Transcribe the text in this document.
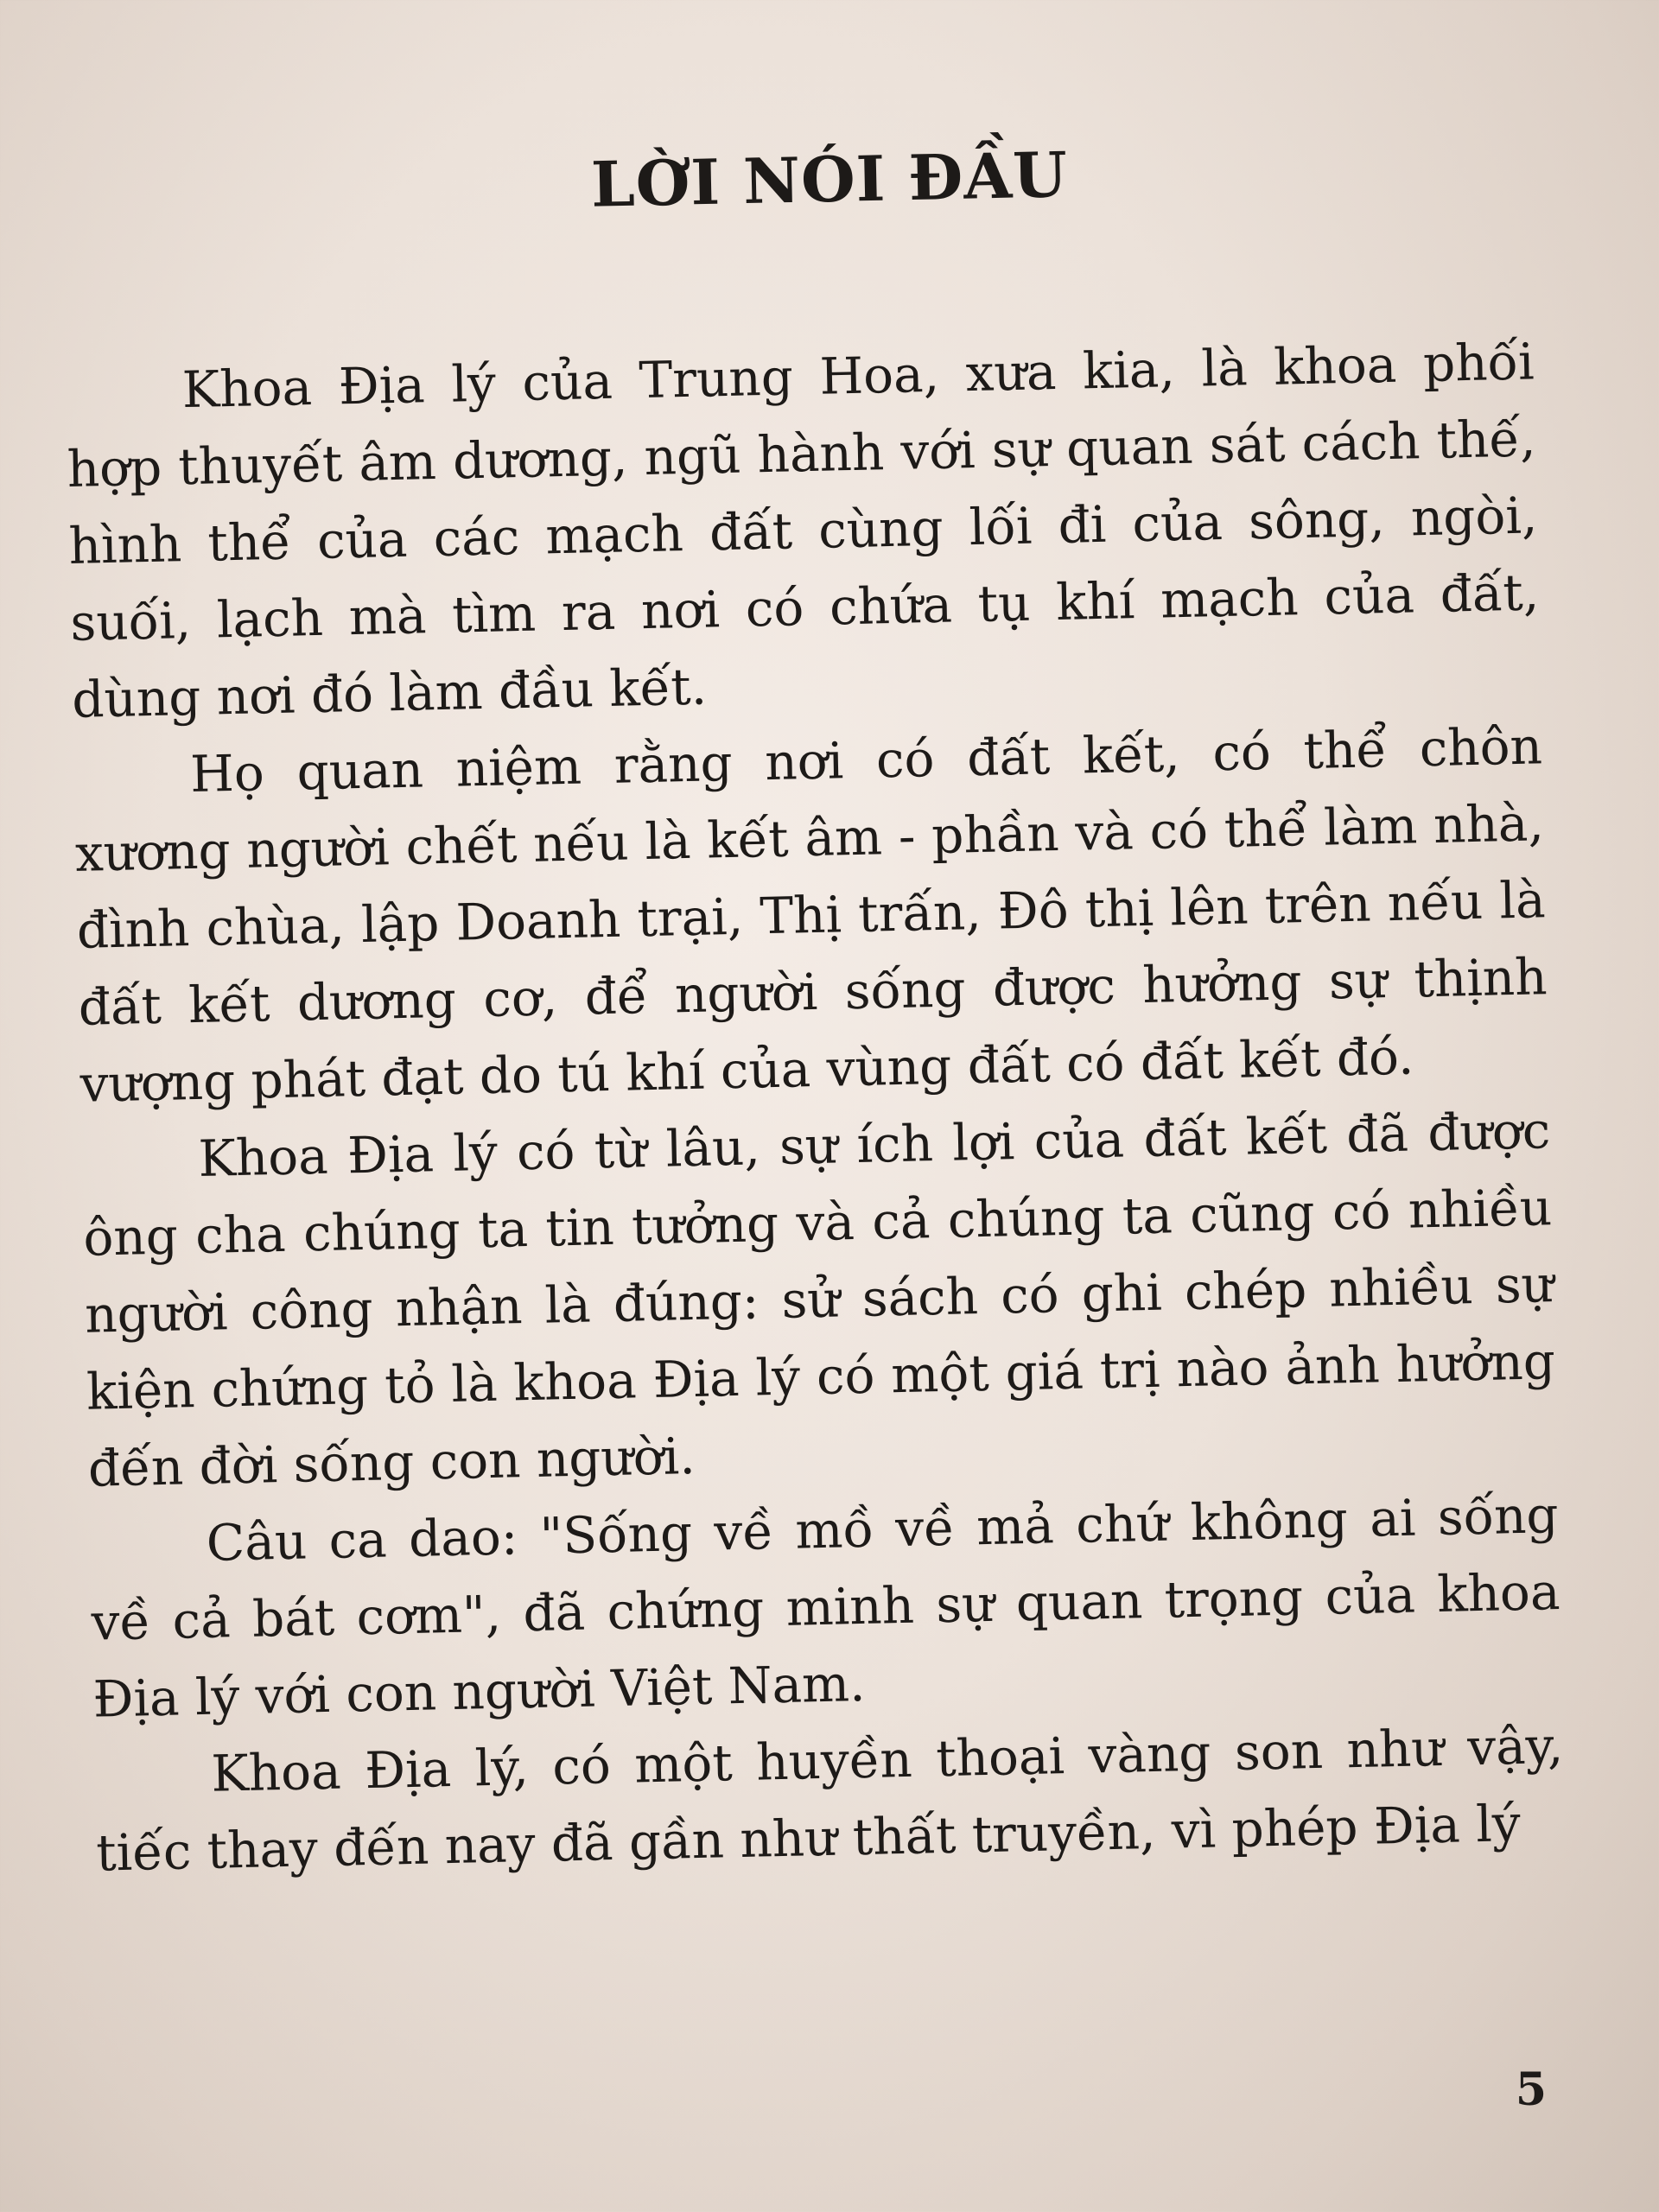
LỜI NÓI ĐẦU

Khoa Địa lý của Trung Hoa, xưa kia, là khoa phối hợp thuyết âm dương, ngũ hành với sự quan sát cách thế, hình thể của các mạch đất cùng lối đi của sông, ngòi, suối, lạch mà tìm ra nơi có chứa tụ khí mạch của đất, dùng nơi đó làm đầu kết.

Họ quan niệm rằng nơi có đất kết, có thể chôn xương người chết nếu là kết âm - phần và có thể làm nhà, đình chùa, lập Doanh trại, Thị trấn, Đô thị lên trên nếu là đất kết dương cơ, để người sống được hưởng sự thịnh vượng phát đạt do tú khí của vùng đất có đất kết đó.

Khoa Địa lý có từ lâu, sự ích lợi của đất kết đã được ông cha chúng ta tin tưởng và cả chúng ta cũng có nhiều người công nhận là đúng: sử sách có ghi chép nhiều sự kiện chứng tỏ là khoa Địa lý có một giá trị nào ảnh hưởng đến đời sống con người.

Câu ca dao: "Sống về mồ về mả chứ không ai sống về cả bát cơm", đã chứng minh sự quan trọng của khoa Địa lý với con người Việt Nam.

Khoa Địa lý, có một huyền thoại vàng son như vậy, tiếc thay đến nay đã gần như thất truyền, vì phép Địa lý

5
